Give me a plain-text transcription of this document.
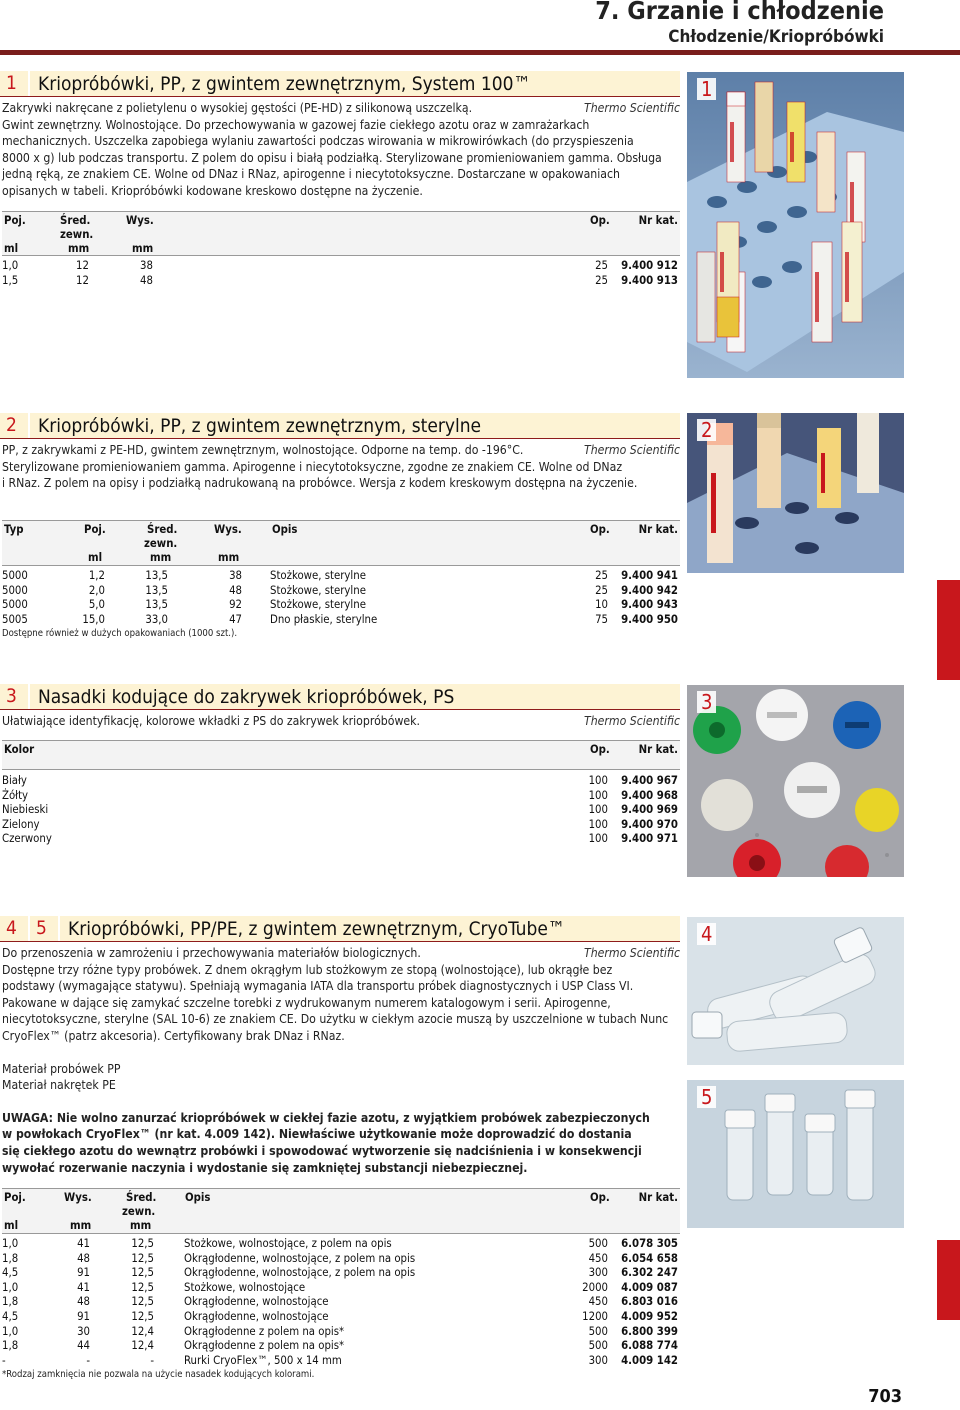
7. Grzanie i chłodzenie
Chłodzenie/Kriopróbówki
1	Kriopróbówki, PP, z gwintem zewnętrznym, System 100™

Thermo Scientific
Zakrywki nakręcane z polietylenu o wysokiej gęstości (PE-HD) z silikonową uszczelką.

Gwint zewnętrzny. Wolnostojące. Do przechowywania w gazowej fazie ciekłego azotu oraz w zamrażarkach

mechanicznych. Uszczelka zapobiega wylaniu zawartości podczas wirowania w mikrowirówkach (do przyspieszenia

8000 x g) lub podczas transportu. Z polem do opisu i białą podziałką. Sterylizowane promieniowaniem gamma. Obsługa

jedną ręką, ze znakiem CE. Wolne od DNaz i RNaz, apirogenne i niecytotoksyczne. Dostarczane w opakowaniach

opisanych w tabeli. Kriopróbówki kodowane kreskowo dostępne na życzenie.

Poj.
ml
Śred.
zewn.
mm
Wys.
mm
Op.	Nr kat.
1,0	12	38	25 9.400 912
1,5	12	48	25 9.400 913
1
2	Kriopróbówki, PP, z gwintem zewnętrznym, sterylne

Thermo Scientific
PP, z zakrywkami z PE-HD, gwintem zewnętrznym, wolnostojące. Odporne na temp. do -196°C.

Sterylizowane promieniowaniem gamma. Apirogenne i niecytotoksyczne, zgodne ze znakiem CE. Wolne od DNaz

i RNaz. Z polem na opisy i podziałką nadrukowaną na probówce. Wersja z kodem kreskowym dostępna na życzenie.

Typ	Poj.
ml
Śred.
zewn.
mm
Wys.
mm
Opis	Op.	Nr kat.
5000	1,2	13,5	38 Stożkowe, sterylne	25 9.400 941
5000	2,0	13,5	48 Stożkowe, sterylne	25 9.400 942
5000	5,0	13,5	92 Stożkowe, sterylne	10 9.400 943
5005	15,0	33,0	47 Dno płaskie, sterylne	75 9.400 950
Dostępne również w dużych opakowaniach (1000 szt.).
2
3	Nasadki kodujące do zakrywek kriopróbówek, PS

Thermo Scientific
Ułatwiające identyfikację, kolorowe wkładki z PS do zakrywek kriopróbówek.

Kolor	Op.	Nr kat.
Biały	100 9.400 967
Żółty	100 9.400 968
Niebieski	100 9.400 969
Zielony	100 9.400 970
Czerwony	100 9.400 971
3
4	5	Kriopróbówki, PP/PE, z gwintem zewnętrznym, CryoTube™

Thermo Scientific
Do przenoszenia w zamrożeniu i przechowywania materiałów biologicznych.

Dostępne trzy różne typy probówek. Z dnem okrągłym lub stożkowym ze stopą (wolnostojące), lub okrągłe bez

podstawy (wymagające statywu). Spełniają wymagania IATA dla transportu próbek diagnostycznych i USP Class VI.

Pakowane w dające się zamykać szczelne torebki z wydrukowanym numerem katalogowym i serii. Apirogenne,

niecytotoksyczne, sterylne (SAL 10-6) ze znakiem CE. Do użytku w ciekłym azocie muszą by uszczelnione w tubach Nunc

CryoFlex™ (patrz akcesoria). Certyfikowany brak DNaz i RNaz.

Materiał probówek PP

Materiał nakrętek PE

UWAGA: Nie wolno zanurzać kriopróbówek w ciekłej fazie azotu, z wyjątkiem probówek zabezpieczonych

w powłokach CryoFlex™ (nr kat. 4.009 142). Niewłaściwe użytkowanie może doprowadzić do dostania

się ciekłego azotu do wewnątrz probówki i spowodować wytworzenie się nadciśnienia i w konsekwencji

wywołać rozerwanie naczynia i wydostanie się zamkniętej substancji niebezpiecznej.

Poj.
ml
Wys.
mm
Śred.
zewn.
mm
Opis	Op.	Nr kat.
1,0	41	12,5	Stożkowe, wolnostojące, z polem na opis	500 6.078 305
1,8	48	12,5	Okrągłodenne, wolnostojące, z polem na opis	450 6.054 658
4,5	91	12,5	Okrągłodenne, wolnostojące, z polem na opis	300 6.302 247
1,0	41	12,5	Stożkowe, wolnostojące	2000 4.009 087
1,8	48	12,5	Okrągłodenne, wolnostojące	450 6.803 016
4,5	91	12,5	Okrągłodenne, wolnostojące	1200 4.009 952
1,0	30	12,4	Okrągłodenne z polem na opis*	500 6.800 399
1,8	44	12,4	Okrągłodenne z polem na opis*	500 6.088 774
-	-	-	Rurki CryoFlex™, 500 x 14 mm	300 4.009 142
*Rodzaj zamknięcia nie pozwala na użycie nasadek kodujących kolorami.
4
5
703
